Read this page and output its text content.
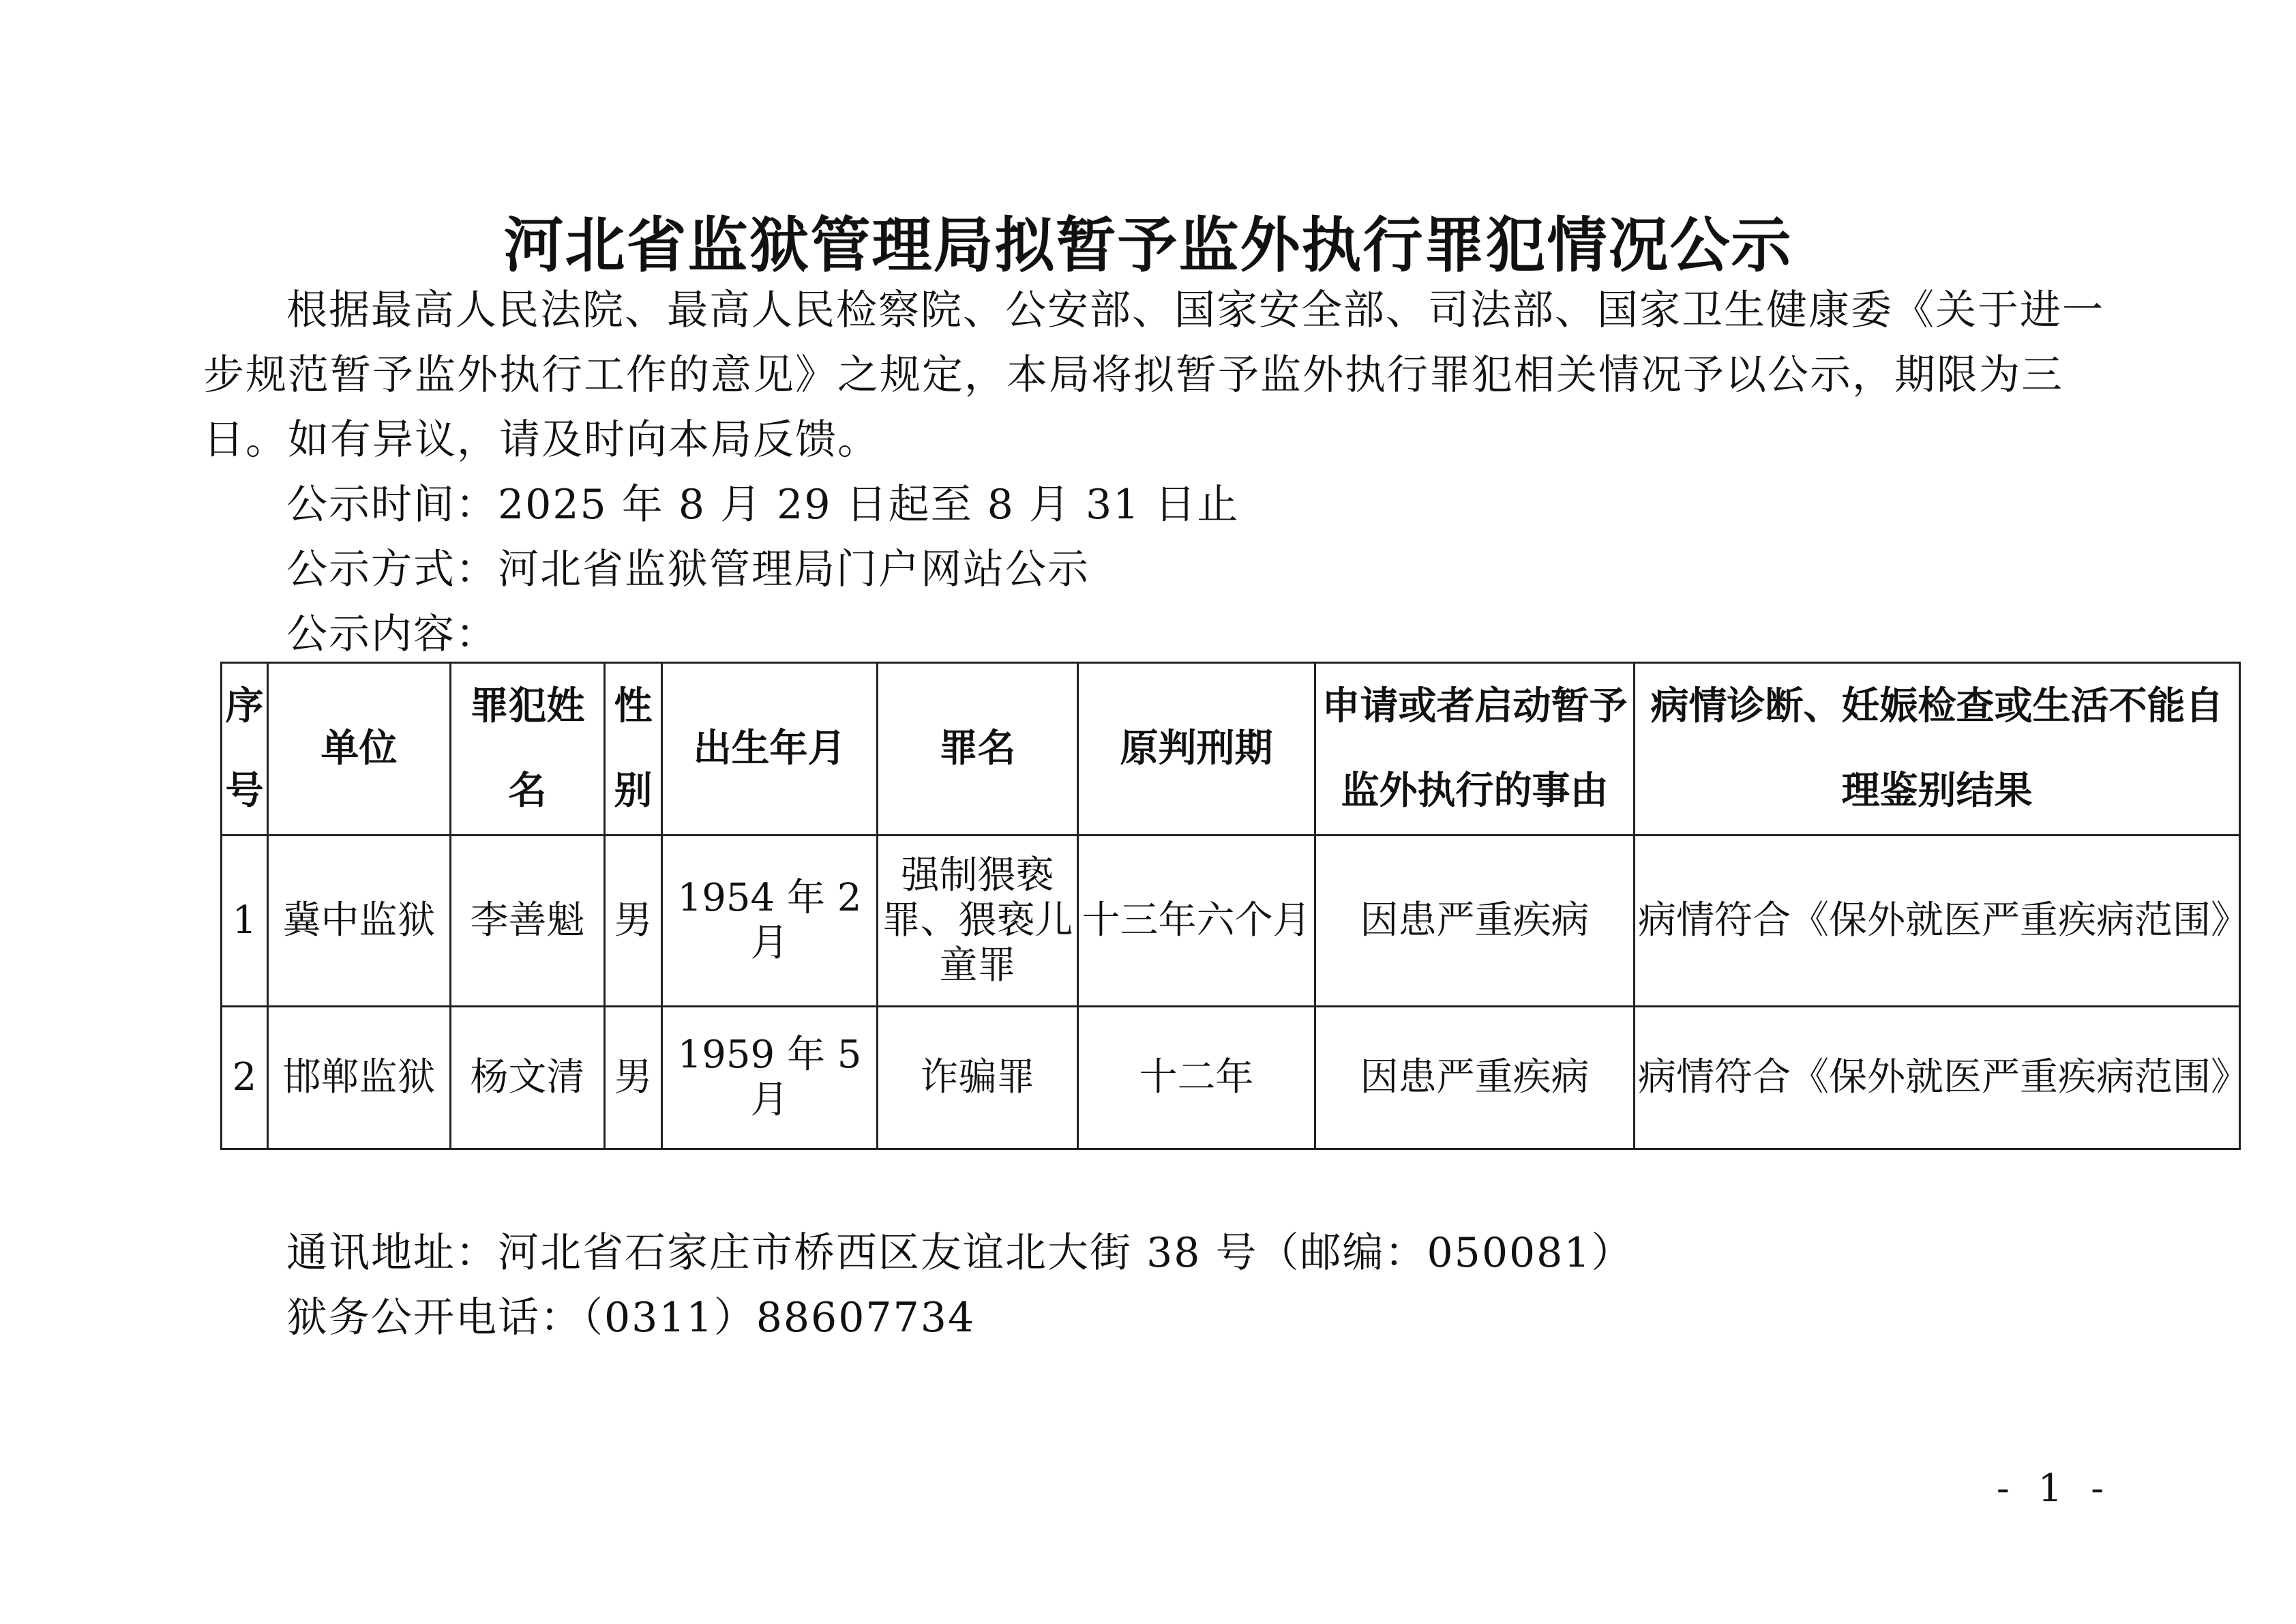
河北省监狱管理局拟暂予监外执行罪犯情况公示

根据最高人民法院、最高人民检察院、公安部、国家安全部、司法部、国家卫生健康委《关于进一步规范暂予监外执行工作的意见》之规定，本局将拟暂予监外执行罪犯相关情况予以公示，期限为三日。如有异议，请及时向本局反馈。

公示时间：2025 年 8 月 29 日起至 8 月 31 日止

公示方式：河北省监狱管理局门户网站公示

公示内容：

序号	单位	罪犯姓名	性别	出生年月	罪名	原判刑期	申请或者启动暂予监外执行的事由	病情诊断、妊娠检查或生活不能自理鉴别结果
1	冀中监狱	李善魁	男	1954 年 2 月	强制猥亵罪、猥亵儿童罪	十三年六个月	因患严重疾病	病情符合《保外就医严重疾病范围》
2	邯郸监狱	杨文清	男	1959 年 5 月	诈骗罪	十二年	因患严重疾病	病情符合《保外就医严重疾病范围》

通讯地址：河北省石家庄市桥西区友谊北大街 38 号（邮编：050081）

狱务公开电话：（0311）88607734

- 1 -
